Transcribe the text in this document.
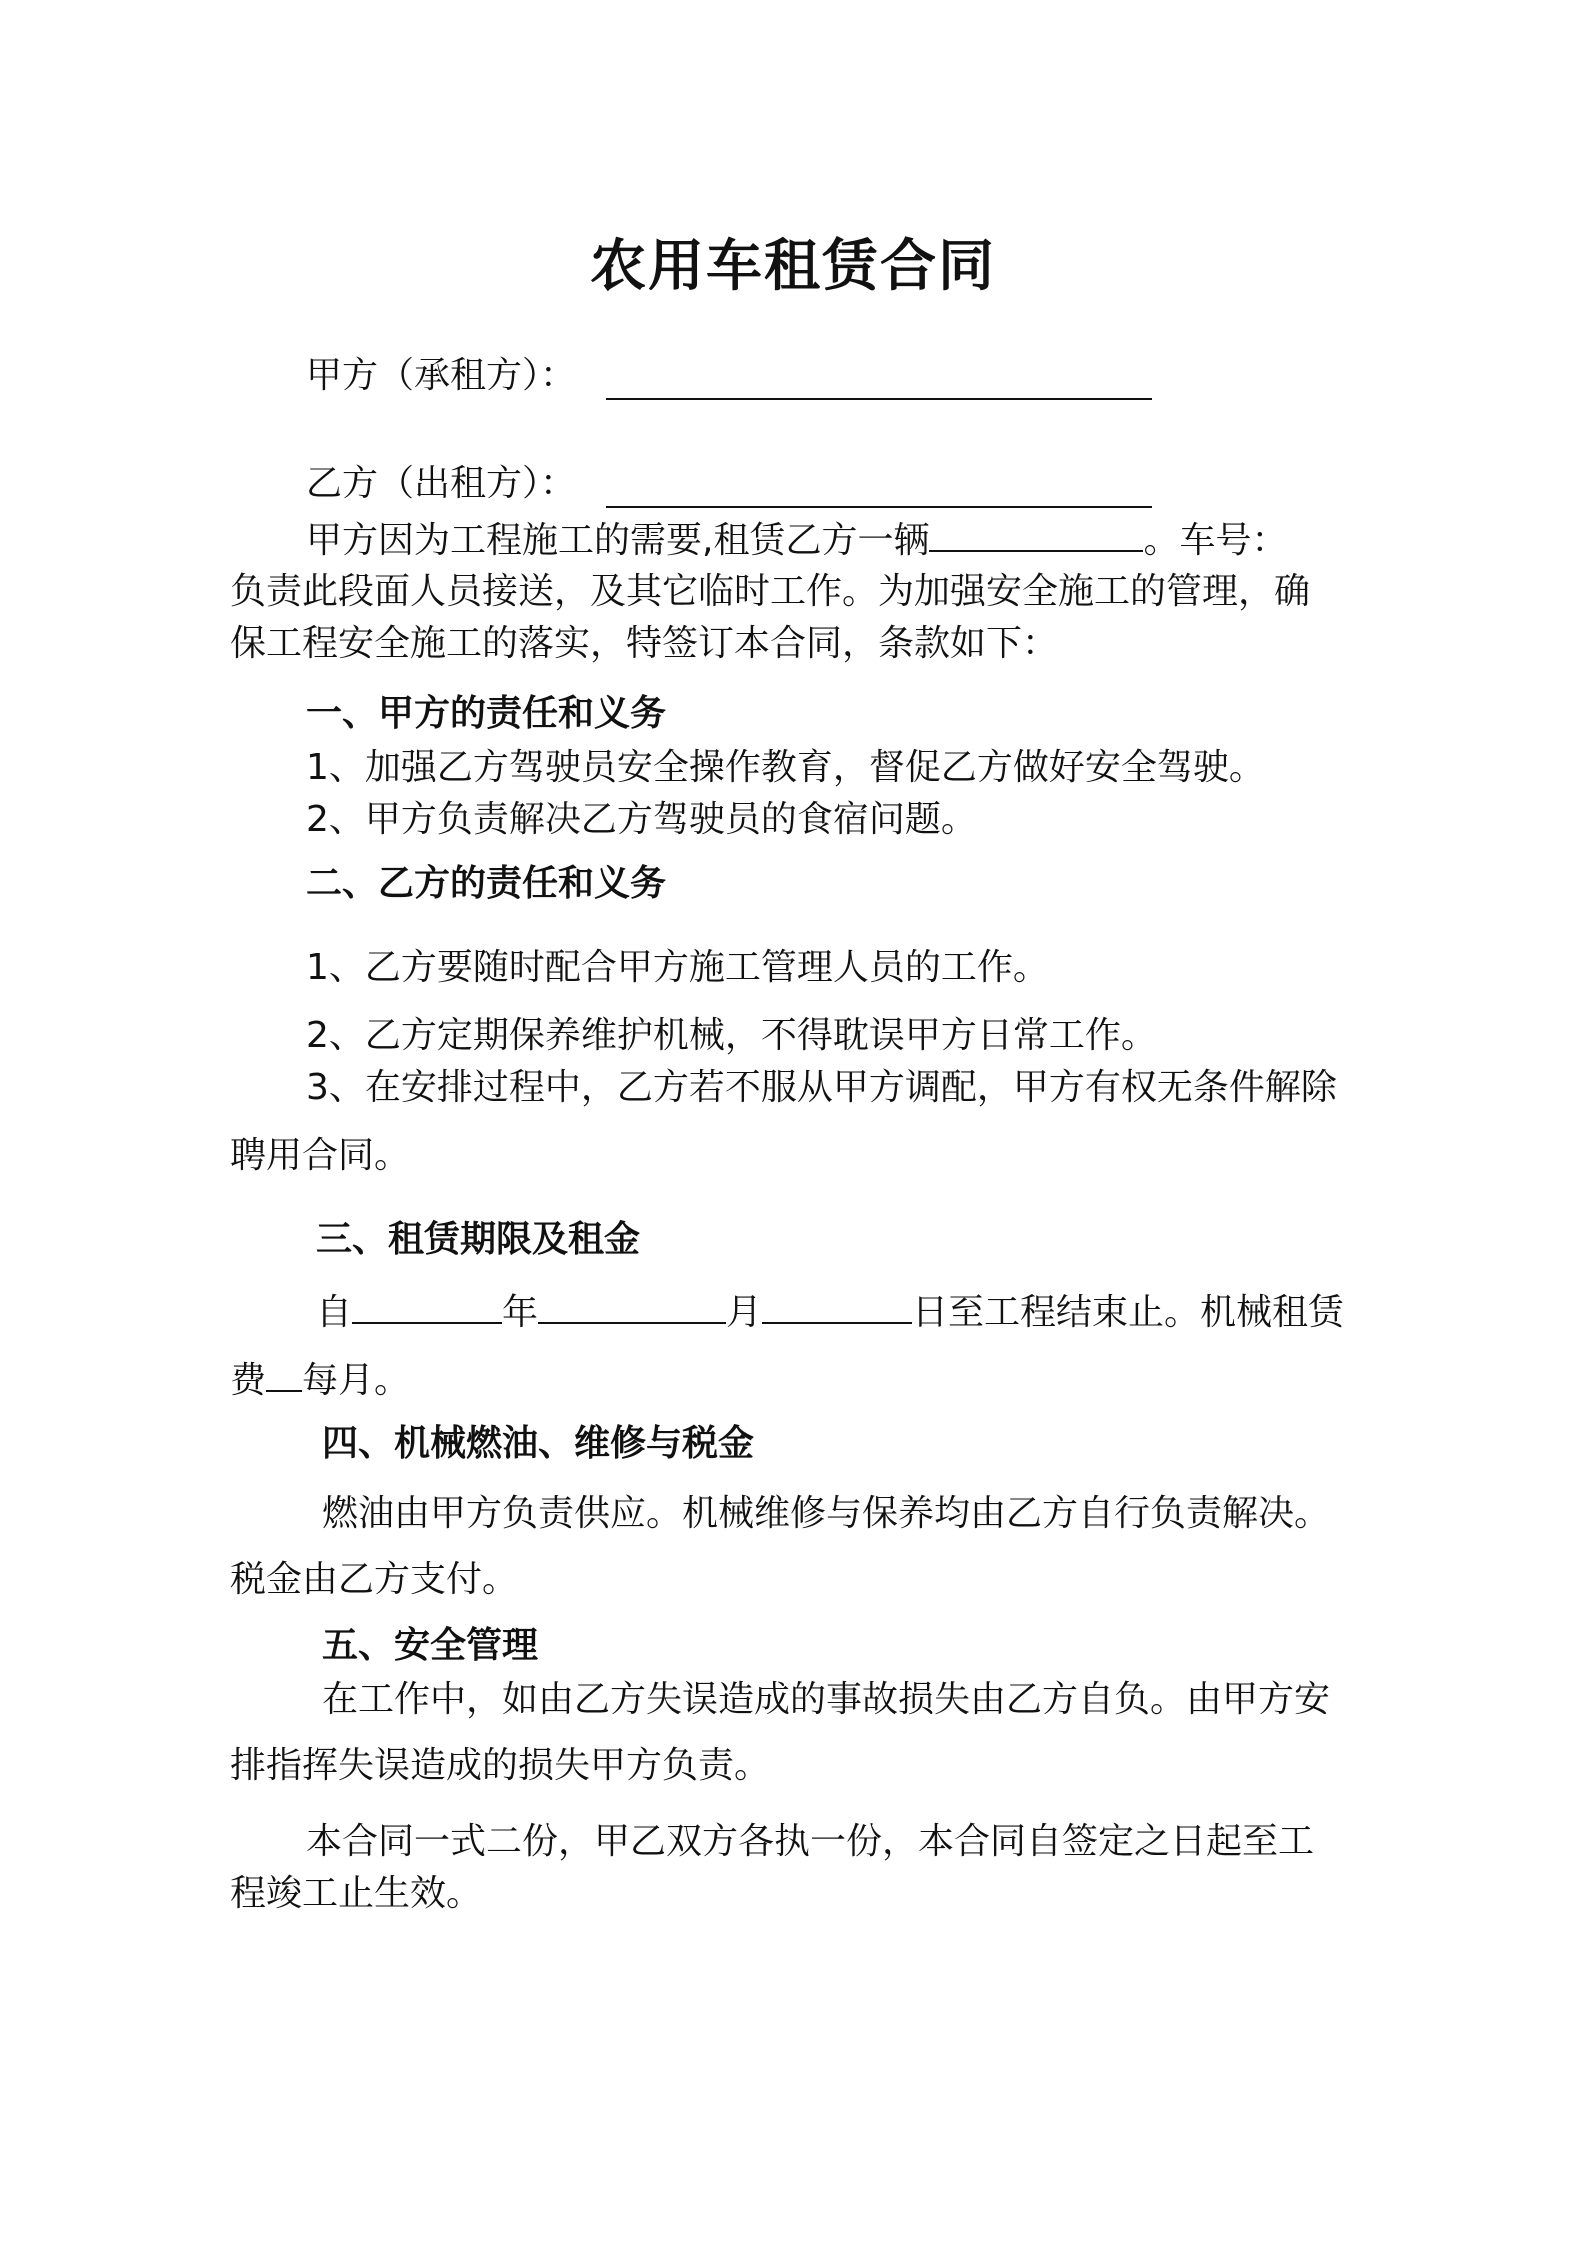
农用车租赁合同
甲方（承租方）：
乙方（出租方）：
甲方因为工程施工的需要,租赁乙方一辆	。车号：
负责此段面人员接送，及其它临时工作。为加强安全施工的管理，确
保工程安全施工的落实，特签订本合同，条款如下：
一、甲方的责任和义务
1、加强乙方驾驶员安全操作教育，督促乙方做好安全驾驶。
2、甲方负责解决乙方驾驶员的食宿问题。
二、乙方的责任和义务
1、乙方要随时配合甲方施工管理人员的工作。
2、乙方定期保养维护机械，不得耽误甲方日常工作。
3、在安排过程中，乙方若不服从甲方调配，甲方有权无条件解除
聘用合同。
三、租赁期限及租金
自	年	月	日至工程结束止。机械租赁
费 每月。
四、机械燃油、维修与税金
燃油由甲方负责供应。机械维修与保养均由乙方自行负责解决。
税金由乙方支付。
五、安全管理
在工作中，如由乙方失误造成的事故损失由乙方自负。由甲方安
排指挥失误造成的损失甲方负责。
本合同一式二份，甲乙双方各执一份，本合同自签定之日起至工
程竣工止生效。
